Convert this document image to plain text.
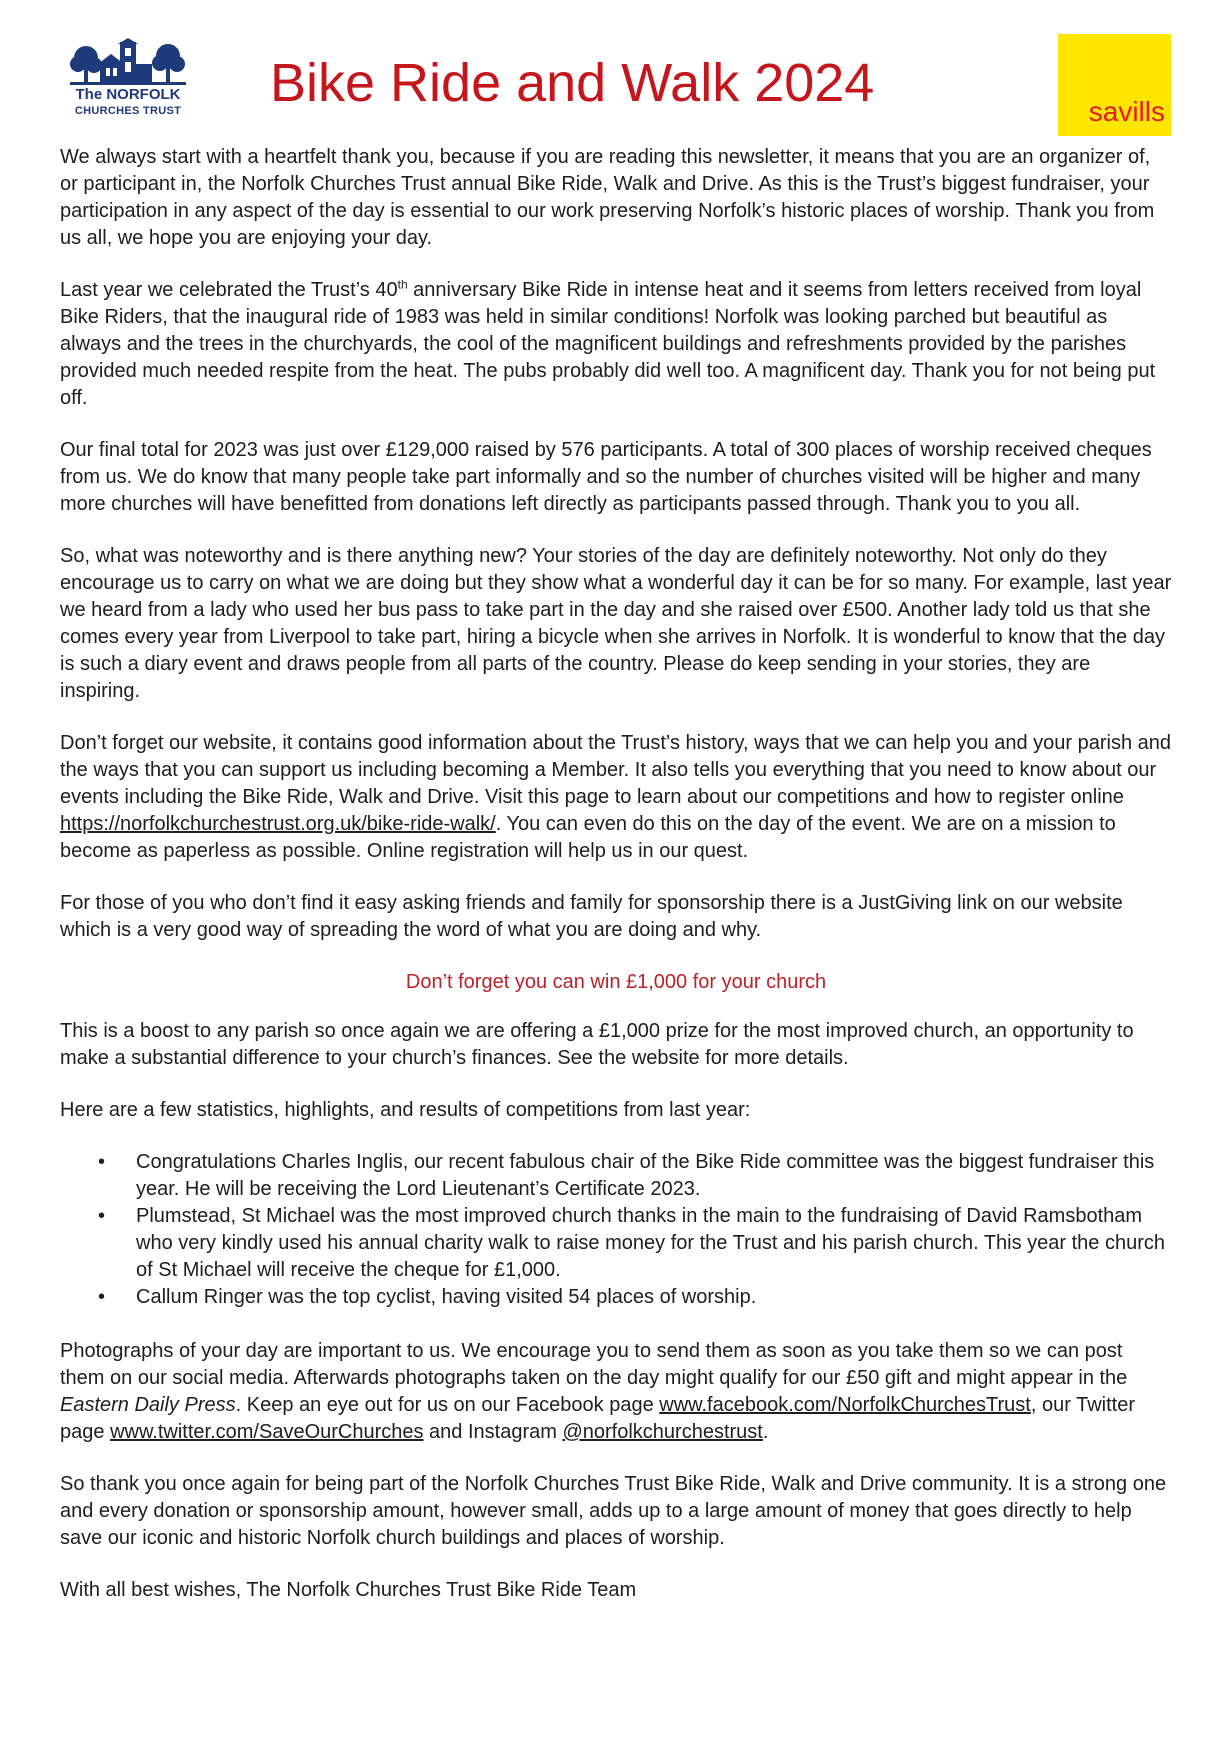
The NORFOLK
CHURCHES TRUST Bike Ride and Walk 2024	savills

We always start with a heartfelt thank you, because if you are reading this newsletter, it means that you are an organizer of, or participant in, the Norfolk Churches Trust annual Bike Ride, Walk and Drive. As this is the Trust’s biggest fundraiser, your participation in any aspect of the day is essential to our work preserving Norfolk’s historic places of worship. Thank you from us all, we hope you are enjoying your day.

Last year we celebrated the Trust’s 40th anniversary Bike Ride in intense heat and it seems from letters received from loyal Bike Riders, that the inaugural ride of 1983 was held in similar conditions! Norfolk was looking parched but beautiful as always and the trees in the churchyards, the cool of the magnificent buildings and refreshments provided by the parishes provided much needed respite from the heat. The pubs probably did well too. A magnificent day. Thank you for not being put off.

Our final total for 2023 was just over £129,000 raised by 576 participants. A total of 300 places of worship received cheques from us. We do know that many people take part informally and so the number of churches visited will be higher and many more churches will have benefitted from donations left directly as participants passed through. Thank you to you all.

So, what was noteworthy and is there anything new? Your stories of the day are definitely noteworthy. Not only do they encourage us to carry on what we are doing but they show what a wonderful day it can be for so many. For example, last year we heard from a lady who used her bus pass to take part in the day and she raised over £500. Another lady told us that she comes every year from Liverpool to take part, hiring a bicycle when she arrives in Norfolk. It is wonderful to know that the day is such a diary event and draws people from all parts of the country. Please do keep sending in your stories, they are inspiring.

Don’t forget our website, it contains good information about the Trust’s history, ways that we can help you and your parish and the ways that you can support us including becoming a Member. It also tells you everything that you need to know about our events including the Bike Ride, Walk and Drive. Visit this page to learn about our competitions and how to register online https://norfolkchurchestrust.org.uk/bike-ride-walk/. You can even do this on the day of the event. We are on a mission to become as paperless as possible. Online registration will help us in our quest.

For those of you who don’t find it easy asking friends and family for sponsorship there is a JustGiving link on our website which is a very good way of spreading the word of what you are doing and why.

Don’t forget you can win £1,000 for your church

This is a boost to any parish so once again we are offering a £1,000 prize for the most improved church, an opportunity to make a substantial difference to your church’s finances. See the website for more details.

Here are a few statistics, highlights, and results of competitions from last year:

• Congratulations Charles Inglis, our recent fabulous chair of the Bike Ride committee was the biggest fundraiser this year. He will be receiving the Lord Lieutenant’s Certificate 2023.
• Plumstead, St Michael was the most improved church thanks in the main to the fundraising of David Ramsbotham who very kindly used his annual charity walk to raise money for the Trust and his parish church. This year the church of St Michael will receive the cheque for £1,000.
• Callum Ringer was the top cyclist, having visited 54 places of worship.

Photographs of your day are important to us. We encourage you to send them as soon as you take them so we can post them on our social media. Afterwards photographs taken on the day might qualify for our £50 gift and might appear in the Eastern Daily Press. Keep an eye out for us on our Facebook page www.facebook.com/NorfolkChurchesTrust, our Twitter page www.twitter.com/SaveOurChurches and Instagram @norfolkchurchestrust.

So thank you once again for being part of the Norfolk Churches Trust Bike Ride, Walk and Drive community. It is a strong one and every donation or sponsorship amount, however small, adds up to a large amount of money that goes directly to help save our iconic and historic Norfolk church buildings and places of worship.

With all best wishes, The Norfolk Churches Trust Bike Ride Team
